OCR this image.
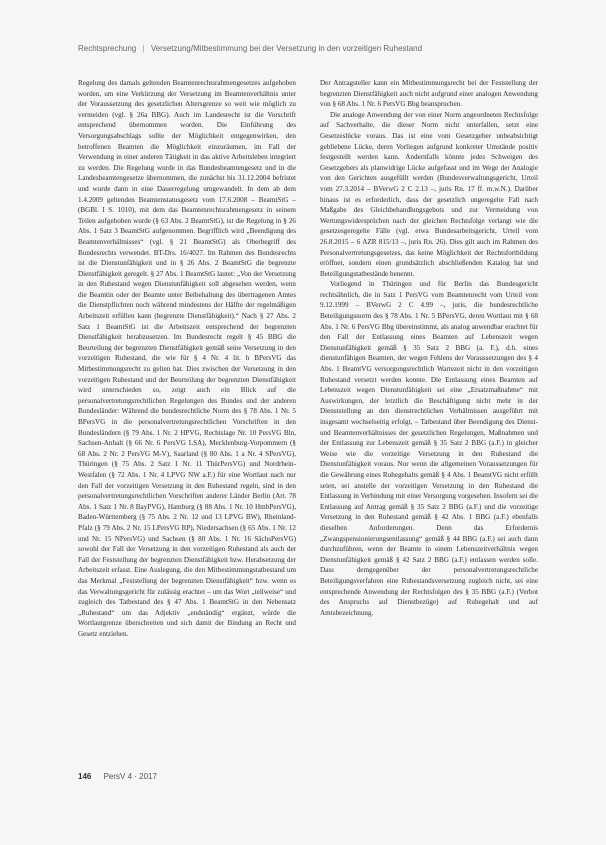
Rechtsprechung | Versetzung/Mitbestimmung bei der Versetzung in den vorzeitigen Ruhestand

Regelung des damals geltenden Beamtenrechtsrahmengesetzes aufgehoben worden, um eine Verkürzung der Versetzung im Beamtenverhältnis unter der Voraussetzung des gesetzlichen Altersgrenze so weit wie möglich zu vermeiden (vgl. § 26a BBG). Auch im Landesrecht ist die Vorschrift entsprechend übernommen worden. Die Einführung des Versorgungsabschlags sollte der Möglichkeit entgegenwirken, den betroffenen Beamten die Möglichkeit einzuräumen, im Fall der Verwendung in einer anderen Tätigkeit in das aktive Arbeitsleben integriert zu werden. Die Regelung wurde in das Bundesbeamtengesetz und in die Landesbeamtengesetze übernommen, die zunächst bis 31.12.2004 befristet und wurde dann in eine Dauerregelung umgewandelt. In dem ab dem 1.4.2009 geltenden Beamtenstatusgesetz vom 17.6.2008 – BeamtStG – (BGBl. I S. 1010), mit dem das Beamtenrechtsrahmengesetz in seinem Teilen aufgehoben wurde (§ 63 Abs. 2 BeamtStG), ist die Regelung in § 26 Abs. 1 Satz 3 BeamtStG aufgenommen. Begrifflich wird „Beendigung des Beamtenverhältnisses“ (vgl. § 21 BeamtStG) als Oberbegriff des Bundesrechts verwendet. BT-Drs. 16/4027. Im Rahmen des Bundesrechts ist die Dienstunfähigkeit und in § 26 Abs. 2 BeamtStG die begrenzte Dienstfähigkeit geregelt. § 27 Abs. 1 BeamtStG lautet: „Von der Versetzung in den Ruhestand wegen Dienstunfähigkeit soll abgesehen werden, wenn die Beamtin oder der Beamte unter Beibehaltung des übertragenen Amtes die Dienstpflichten noch während mindestens der Hälfte der regelmäßigen Arbeitszeit erfüllen kann (begrenzte Dienstfähigkeit).“ Nach § 27 Abs. 2 Satz 1 BeamtStG ist die Arbeitszeit entsprechend der begrenzten Dienstfähigkeit herabzusetzen. Im Bundesrecht regelt § 45 BBG die Beurteilung der begrenzten Dienstfähigkeit gemäß seine Versetzung in den vorzeitigen Ruhestand, die wie für § 4 Nr. 4 lit. h BPersVG das Mitbestimmungsrecht zu gelten hat. Dies zwischen der Versetzung in den vorzeitigen Ruhestand und der Beurteilung der begrenzten Dienstfähigkeit wird unterschieden so, zeigt auch ein Blick auf die personalvertretungsrechtlichen Regelungen des Bundes und der anderen Bundesländer: Während die bundesrechtliche Norm des § 78 Abs. 1 Nr. 5 BPersVG in die personalvertretungsrechtlichen Vorschriften in den Bundesländern (§ 79 Abs. 1 Nr. 2 HPVG, Rechtslage Nr. 10 PersVG Bln, Sachsen-Anhalt (§ 66 Nr. 6 PersVG LSA), Mecklenburg-Vorpommern (§ 68 Abs. 2 Nr. 2 PersVG M-V), Saarland (§ 80 Abs. 1 a Nr. 4 SPersVG), Thüringen (§ 75 Abs. 2 Satz 1 Nr. 11 ThürPersVG) und Nordrhein-Westfalen (§ 72 Abs. 1 Nr. 4 LPVG NW a.F.) für eine Wortlaut nach nur den Fall der vorzeitigen Versetzung in den Ruhestand regeln, sind in den personalvertretungsrechtlichen Vorschriften anderer Länder Berlin (Art. 78 Abs. 1 Satz 1 Nr. 8 BayPVG), Hamburg (§ 88 Abs. 1 Nr. 10 HmbPersVG), Baden-Württemberg (§ 75 Abs. 2 Nr. 12 und 13 LPVG BW), Rheinland-Pfalz (§ 79 Abs. 2 Nr. 15 LPersVG RP), Niedersachsen (§ 65 Abs. 1 Nr. 12 und Nr. 15 NPersVG) und Sachsen (§ 80 Abs. 1 Nr. 16 SächsPersVG) sowohl der Fall der Versetzung in den vorzeitigen Ruhestand als auch der Fall der Feststellung der begrenzten Dienstfähigkeit bzw. Herabsetzung der Arbeitszeit erfasst. Eine Auslegung, die den Mitbestimmungstatbestand um das Merkmal „Feststellung der begrenzten Dienstfähigkeit“ bzw. wenn es das Verwaltungsgericht für zulässig erachtet – um das Wort „teilweise“ und zugleich des Tatbestand des § 47 Abs. 1 BeamtStG in den Nebensatz „Ruhestand“ um das Adjektiv „endständig“ ergänzt, würde die Wortlautgrenze überschreiten und sich damit der Bindung an Recht und Gesetz entziehen.

Der Antragsteller kann ein Mitbestimmungsrecht bei der Feststellung der begrenzten Dienstfähigkeit auch nicht aufgrund einer analogen Anwendung von § 68 Abs. 1 Nr. 6 PersVG Bbg beanspruchen.

Die analoge Anwendung der von einer Norm angeordneten Rechtsfolge auf Sachverhalte, die dieser Norm nicht unterfallen, setzt eine Gesetzeslücke voraus. Das ist eine vom Gesetzgeber unbeabsichtigt gebliebene Lücke, deren Vorliegen aufgrund konkreter Umstände positiv festgestellt werden kann. Andernfalls könnte jedes Schweigen des Gesetzgebers als planwidrige Lücke aufgefasst und im Wege der Analogie von den Gerichten ausgefüllt werden (Bundesverwaltungsgericht, Urteil vom 27.3.2014 – BVerwG 2 C 2.13 –, juris Rn. 17 ff. m.w.N.). Darüber hinaus ist es erforderlich, dass der gesetzlich ungeregelte Fall nach Maßgabe des Gleichbehandlungsgebots und zur Vermeidung von Wertungswidersprüchen nach der gleichen Rechtsfolge verlangt wie die gesetzesgeregelte Fälle (vgl. etwa Bundesarbeitsgericht, Urteil vom 26.8.2015 – 6 AZR 815/13 –, juris Rn. 26). Dies gilt auch im Rahmen des Personalvertretungsgesetzes, das keine Möglichkeit der Rechtsfortbildung eröffnet, sondern einen grundsätzlich abschließenden Katalog hat und Beteiligungstatbestände benennt.

Vorliegend in Thüringen und für Berlin das Bundesgericht rechtsähnlich, die in Satz 1 PersVG vom Beamtenrecht vom Urteil vom 9.12.1999 – BVerwG 2 C 4.99 –, juris, die bundesrechtliche Beteiligungsnorm des § 78 Abs. 1 Nr. 5 BPersVG, deren Wortlaut mit § 68 Abs. 1 Nr. 6 PersVG Bbg übereinstimmt, als analog anwendbar erachtet für den Fall der Entlassung eines Beamten auf Lebenszeit wegen Dienstunfähigkeit gemäß § 35 Satz 2 BBG (a. F.), d.h. eines dienstunfähigen Beamten, der wegen Fehlens der Voraussetzungen des § 4 Abs. 1 BeamtVG versorgungsrechtlich Wartezeit nicht in den vorzeitigen Ruhestand versetzt werden konnte. Die Entlassung eines Beamten auf Lebenszeit wegen Dienstunfähigkeit sei eine „Ersatzmaßnahme“ mit Auswirkungen, der letztlich die Beschäftigung nicht mehr in der Dienststellung an den dienstrechtlichen Verhältnissen ausgeführt mit insgesamt wechselseitig erfolgt, – Tatbestand über Beendigung des Dienst- und Beamtenverhältnisses der gesetzlichen Regelungen, Maßnahmen und der Entlassung zur Lebenszeit gemäß § 35 Satz 2 BBG (a.F.) in gleicher Weise wie die vorzeitige Versetzung in den Ruhestand die Dienstunfähigkeit voraus. Nur wenn die allgemeinen Voraussetzungen für die Gewährung eines Ruhegehalts gemäß § 4 Abs. 1 BeamtVG nicht erfüllt seien, sei anstelle der vorzeitigen Versetzung in den Ruhestand die Entlassung in Verbindung mit einer Versorgung vorgesehen. Insofern sei die Entlassung auf Antrag gemäß § 35 Satz 2 BBG (a.F.) und die vorzeitige Versetzung in den Ruhestand gemäß § 42 Abs. 1 BBG (a.F.) ebenfalls dieselben Anforderungen. Denn das Erfordernis „Zwangspensionierungsentlassung“ gemäß § 44 BBG (a.F.) sei auch dann durchzuführen, wenn der Beamte in einem Lebenszeitverhältnis wegen Dienstunfähigkeit gemäß § 42 Satz 2 BBG (a.F.) entlassen werden solle. Dass demgegenüber der personalvertretungsrechtliche Beteiligungsverfahren eine Ruhestandsversetzung zugleich nicht, sei eine entsprechende Anwendung der Rechtsfolgen des § 35 BBG (a.F.) (Verbot des Anspruchs auf Dienstbezüge) auf Ruhegehalt und auf Amtsbezeichnung.

146 PersV 4 · 2017
